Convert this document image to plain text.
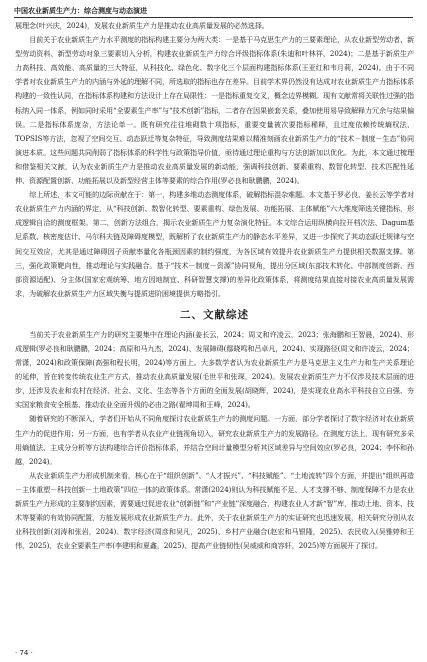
中国农业新质生产力：综合测度与动态演进

展理念(叶兴庆，2024)，发展农业新质生产力是推动农业高质量发展的必然选择。

目前关于农业新质生产力水平测度的指标构建主要分为两大类：一是基于马克思生产力的三要素理论，从农业新型劳动者、新型劳动资料、新型劳动对象三要素切入分析，构建农业新质生产力综合评级指标体系(朱迪和叶林祥，2024)；二是基于新质生产力高科技、高效能、高质量的三大特征，从科技化、绿色化、数字化三个层面构建指标体系(王亚红和韦月莉，2024)。由于不同学者对农业新质生产力的内涵与外延的理解不同，所选取的指标也存在差异。目前学术界仍然没有达成对农业新质生产力指标体系构建的一致性认同，在指标体系构建和方法设计上存在局限性：一是指标重复交叉，概念边界模糊。现有文献常将关联性过强的指标纳入同一体系，例如同时采用“全要素生产率”与“技术创新”指标，二者存在因果嵌套关系，叠加使用易导致解释力冗余与结果偏误。二是指标体系庞杂，方法论单一。既有研究往往堆砌数十项指标，重要变量被次要指标稀释，且过度依赖传统熵权法、TOPSIS等方法，忽视了空间交互、动态跃迁等复杂特征，导致测度结果难以精准刻画农业新质生产力的“技术－制度－生态”协同演进本质。这些问题共同削弱了指标体系的科学性与政策指导价值，亟待通过理论重构与方法创新加以优化。为此，本文通过梳理和借鉴相关文献，认为农业新质生产力是推动农业高质量发展的新动能，强调科技创新、要素重构、数智化转型、技术匹配性延伸、资源配置创新、功能拓展以及新型经营主体等要素的综合作用(罗必良和耿鹏鹏，2024)。

综上所述，本文可能的边际贡献在于：第一，构建多维动态测度体系，破解指标混杂难题。本文基于罗必良、姜长云等学者对农业新质生产力内涵的界定，从“科技创新、数智化转型、要素重构、绿色发展、功能拓展、主体赋能”六大维度筛选关键指标，形成逻辑自洽的测度框架。第二，创新方法组合，揭示农业新质生产力复杂演化特征。本文综合运用纵横向拉开档次法、Dagum基尼系数、核密度估计、马尔科夫链及障碍度模型，既解析了农业新质生产力的静态水平差异，又进一步探究了其动态跃迁规律与空间交互效应，尤其是通过障碍因子贡献率量化各瓶颈因素的制约强度，为各区域有效提升农业新质生产力提供相关数据支撑。第三，强化政策靶向性，推动理论与实践融合。基于“技术－制度－资源”协同视角，提出分区域(东部技术转化、中部制度创新、西部资源适配)、分主体(国家宏观统筹、地方因地制宜、科研智慧支撑)的差异化政策体系，将测度结果直接对接农业高质量发展需求，为破解农业新质生产力区域失衡与提质进阶困境提供方略指引。

二、文献综述

当前关于农业新质生产力的研究主要集中在理论内涵(姜长云，2024；周文和许凌云，2023；张海鹏和王智晨，2024)、形成逻辑(罗必良和耿鹏鹏，2024；高原和马九杰，2024)、发展障碍(鄢晓鸣和吕卓凡，2024)、实现路径(周文和许凌云，2024；常潇，2024)和政策保障(高强和程长明，2024)等方面上。大多数学者认为农业新质生产力是马克思主义生产力和生产关系理论的延伸，旨在转变传统农业生产方式，推动农业高质量发展(毛世平和张琛，2024)。发展农业新质生产力不仅涉及技术层面的进步，还涉及农业和农村在经济、社会、文化、生态等各个方面的全面发展(胡晓辉，2024)，是实现农业高水平科技自立自强、夯实国家粮食安全根基、推动农业全面升级的必由之路(翟坤周和王峰，2024)。

随着研究的不断深入，学者们开始从不同角度探讨农业新质生产力的测度问题。一方面，部分学者探讨了数字经济对农业新质生产力的促进作用；另一方面，也有学者从农业产业链视角切入，研究农业新质生产力的发展路径。在测度方法上，现有研究多采用熵值法、主成分分析等方法构建综合评价指标体系，并结合空间计量模型分析其区域差异与空间效应(罗必良，2024；李怀和孙越，2024)。

从农业新质生产力形成机制来看，核心在于“组织创新”、“人才振兴”、“科技赋能”、“土地流转”四个方面，并提出“组织再造－主体重塑－科技创新－土地政策”四位一体的政策体系。常潇(2024)则认为科技赋能不足、人才支撑不够、制度保障不力是农业新质生产力形成的主要制约因素，需要通过促进农业“创新链”和“产业链”深度融合，构建农业人才新“智”库，推动土地、资本、技术等要素的有效协同配置，方能发展形成农业新质生产力。此外，关于农业新质生产力的实证研究也迅速发展，相关研究分别从农业科技创新(刘涛和张岩，2024)、数字经济(周彦和吴凡，2025)、乡村产业融合(赵宏和马银隆，2025)、农民收入(吴雅婷和王伟，2025)、农业全要素生产率(李建明和夏鑫，2025)、提高产业链韧性(吴威威和商容轩，2025)等方面展开了探讨。

· 74 ·
